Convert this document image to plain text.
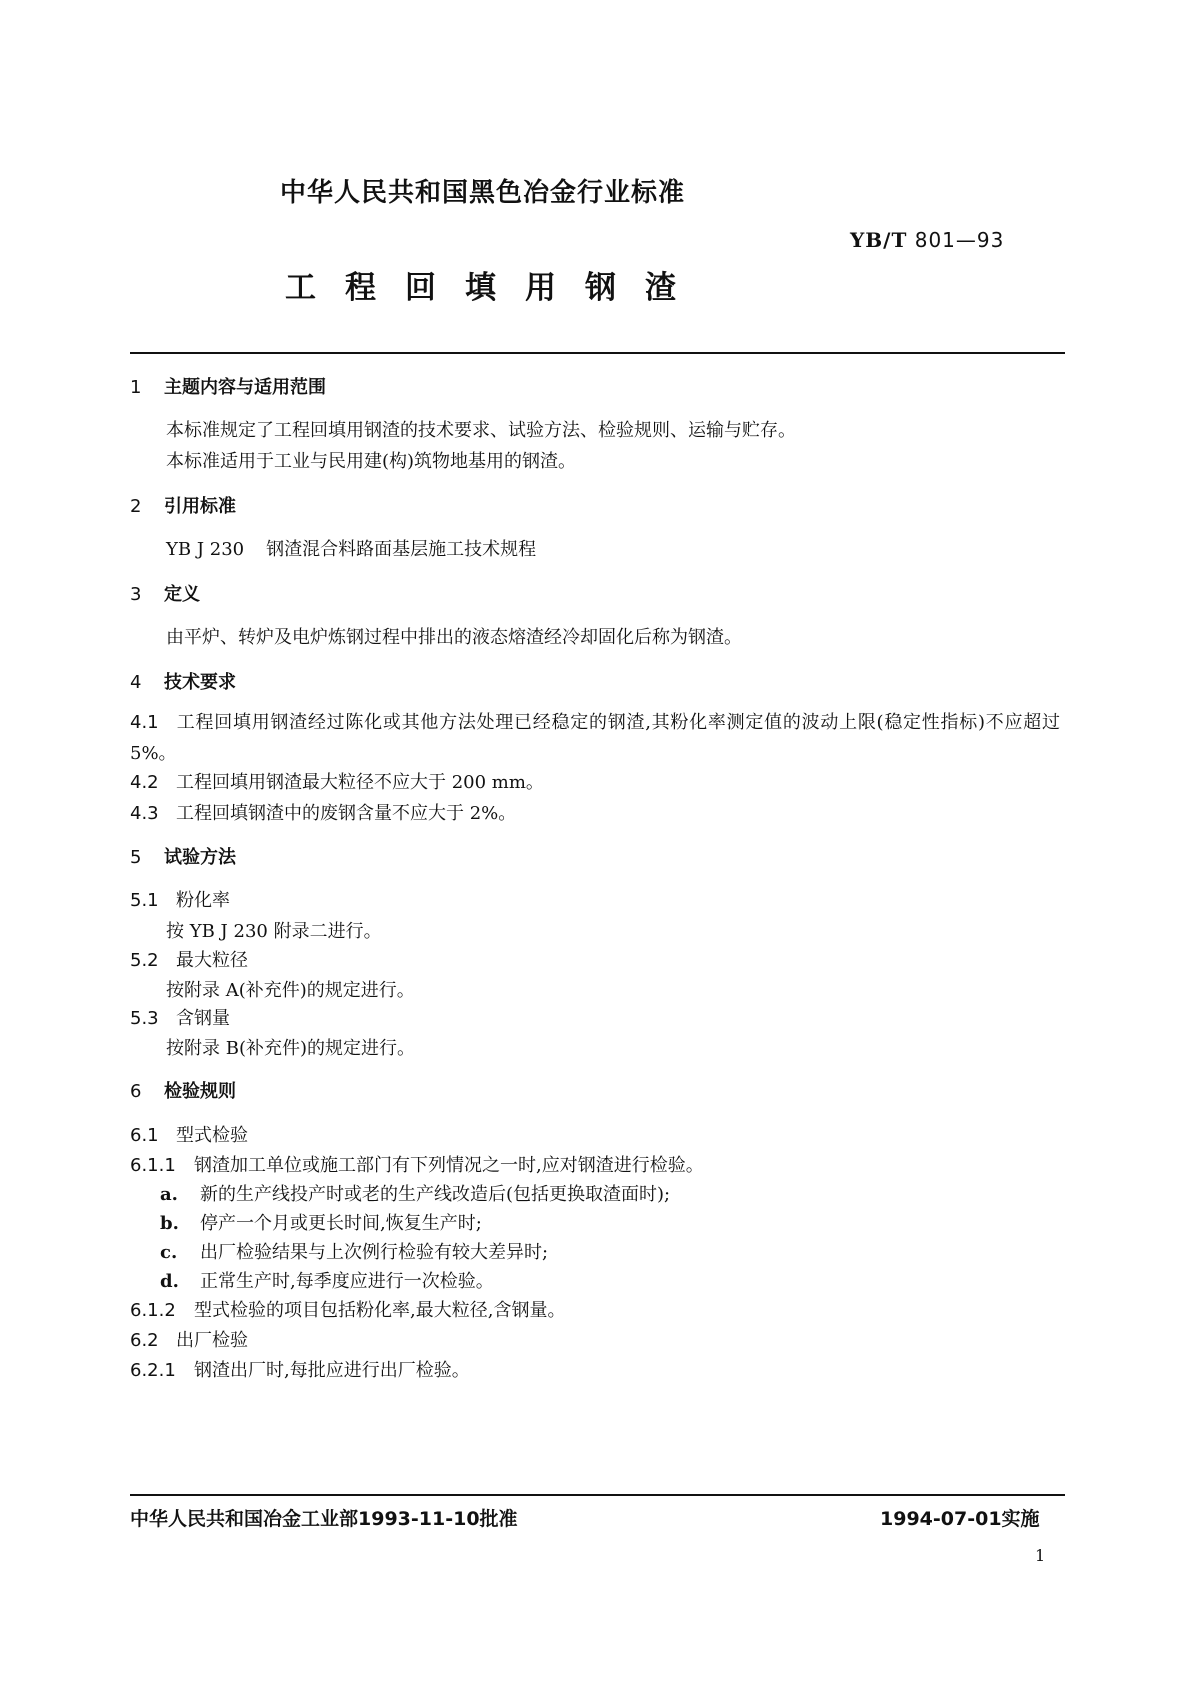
中华人民共和国黑色冶金行业标准
YB/T 801—93
工程回填用钢渣
1 主题内容与适用范围
本标准规定了工程回填用钢渣的技术要求、试验方法、检验规则、运输与贮存。
本标准适用于工业与民用建(构)筑物地基用的钢渣。
2 引用标准
YB J 230 钢渣混合料路面基层施工技术规程
3 定义
由平炉、转炉及电炉炼钢过程中排出的液态熔渣经冷却固化后称为钢渣。
4 技术要求
4.1 工程回填用钢渣经过陈化或其他方法处理已经稳定的钢渣,其粉化率测定值的波动上限(稳定性指标)不应超过 5%。
4.2 工程回填用钢渣最大粒径不应大于 200 mm。
4.3 工程回填钢渣中的废钢含量不应大于 2%。
5 试验方法
5.1 粉化率
按 YB J 230 附录二进行。
5.2 最大粒径
按附录 A(补充件)的规定进行。
5.3 含钢量
按附录 B(补充件)的规定进行。
6 检验规则
6.1 型式检验
6.1.1 钢渣加工单位或施工部门有下列情况之一时,应对钢渣进行检验。
a. 新的生产线投产时或老的生产线改造后(包括更换取渣面时);
b. 停产一个月或更长时间,恢复生产时;
c. 出厂检验结果与上次例行检验有较大差异时;
d. 正常生产时,每季度应进行一次检验。
6.1.2 型式检验的项目包括粉化率,最大粒径,含钢量。
6.2 出厂检验
6.2.1 钢渣出厂时,每批应进行出厂检验。
中华人民共和国冶金工业部1993-11-10批准	1994-07-01实施
1
